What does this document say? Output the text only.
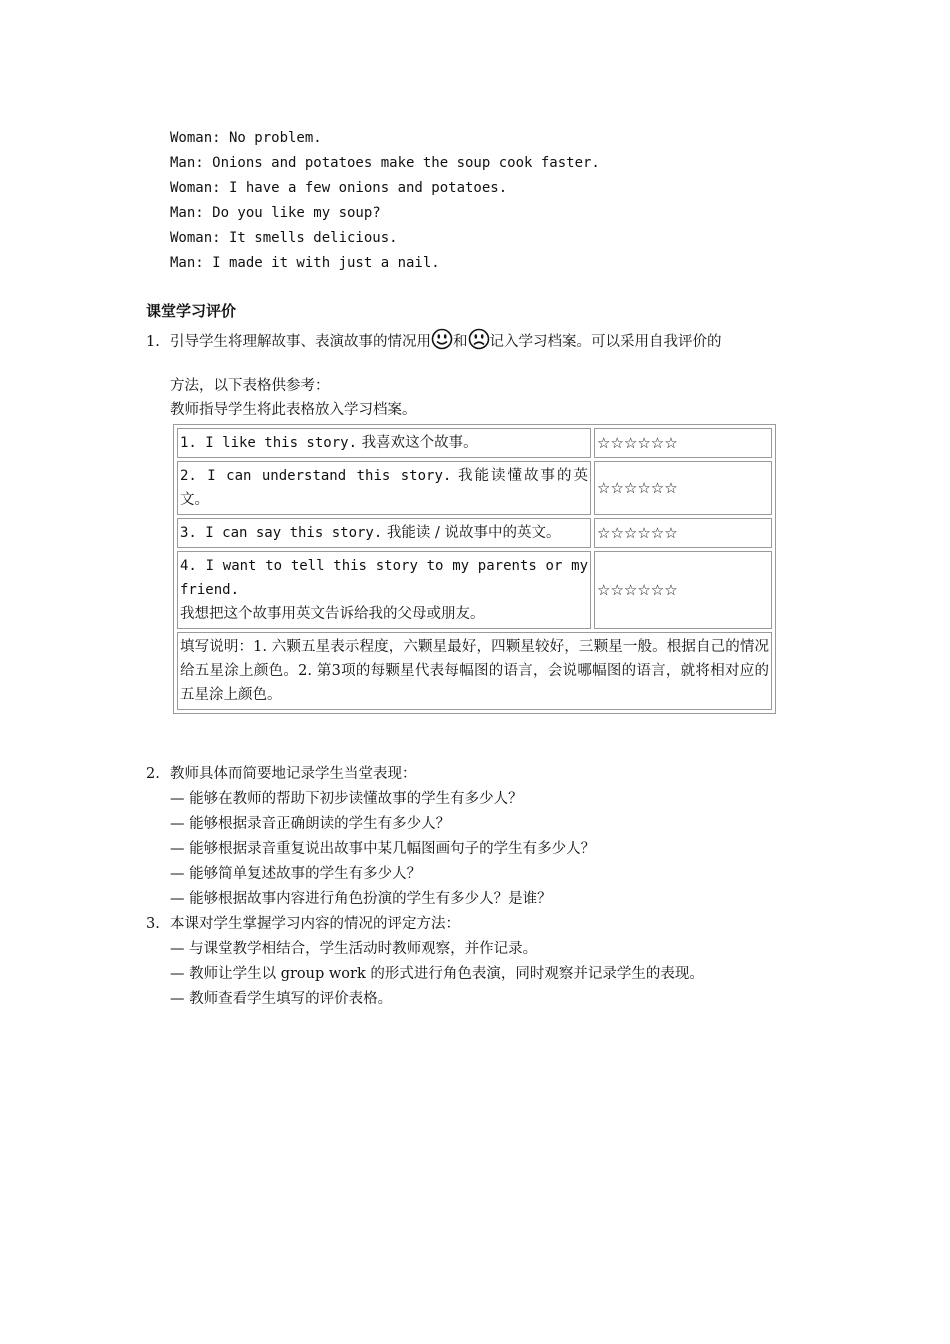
Woman: No problem.
Man: Onions and potatoes make the soup cook faster.
Woman: I have a few onions and potatoes.
Man: Do you like my soup?
Woman: It smells delicious.
Man: I made it with just a nail.
课堂学习评价
1. 引导学生将理解故事、表演故事的情况用 和 记入学习档案。可以采用自我评价的
方法，以下表格供参考：
教师指导学生将此表格放入学习档案。
1. I like this story. 我喜欢这个故事。	☆☆☆☆☆☆
2. I can understand this story. 我能读懂故事的英文。	☆☆☆☆☆☆
3. I can say this story. 我能读 / 说故事中的英文。	☆☆☆☆☆☆
4. I want to tell this story to my parents or my friend.
我想把这个故事用英文告诉给我的父母或朋友。	☆☆☆☆☆☆
填写说明：1. 六颗五星表示程度，六颗星最好，四颗星较好，三颗星一般。根据自己的情况给五星涂上颜色。2. 第3项的每颗星代表每幅图的语言，会说哪幅图的语言，就将相对应的五星涂上颜色。	
2. 教师具体而简要地记录学生当堂表现：
— 能够在教师的帮助下初步读懂故事的学生有多少人？
— 能够根据录音正确朗读的学生有多少人？
— 能够根据录音重复说出故事中某几幅图画句子的学生有多少人？
— 能够简单复述故事的学生有多少人？
— 能够根据故事内容进行角色扮演的学生有多少人？是谁？
3. 本课对学生掌握学习内容的情况的评定方法：
— 与课堂教学相结合，学生活动时教师观察，并作记录。
— 教师让学生以 group work 的形式进行角色表演，同时观察并记录学生的表现。
— 教师查看学生填写的评价表格。
